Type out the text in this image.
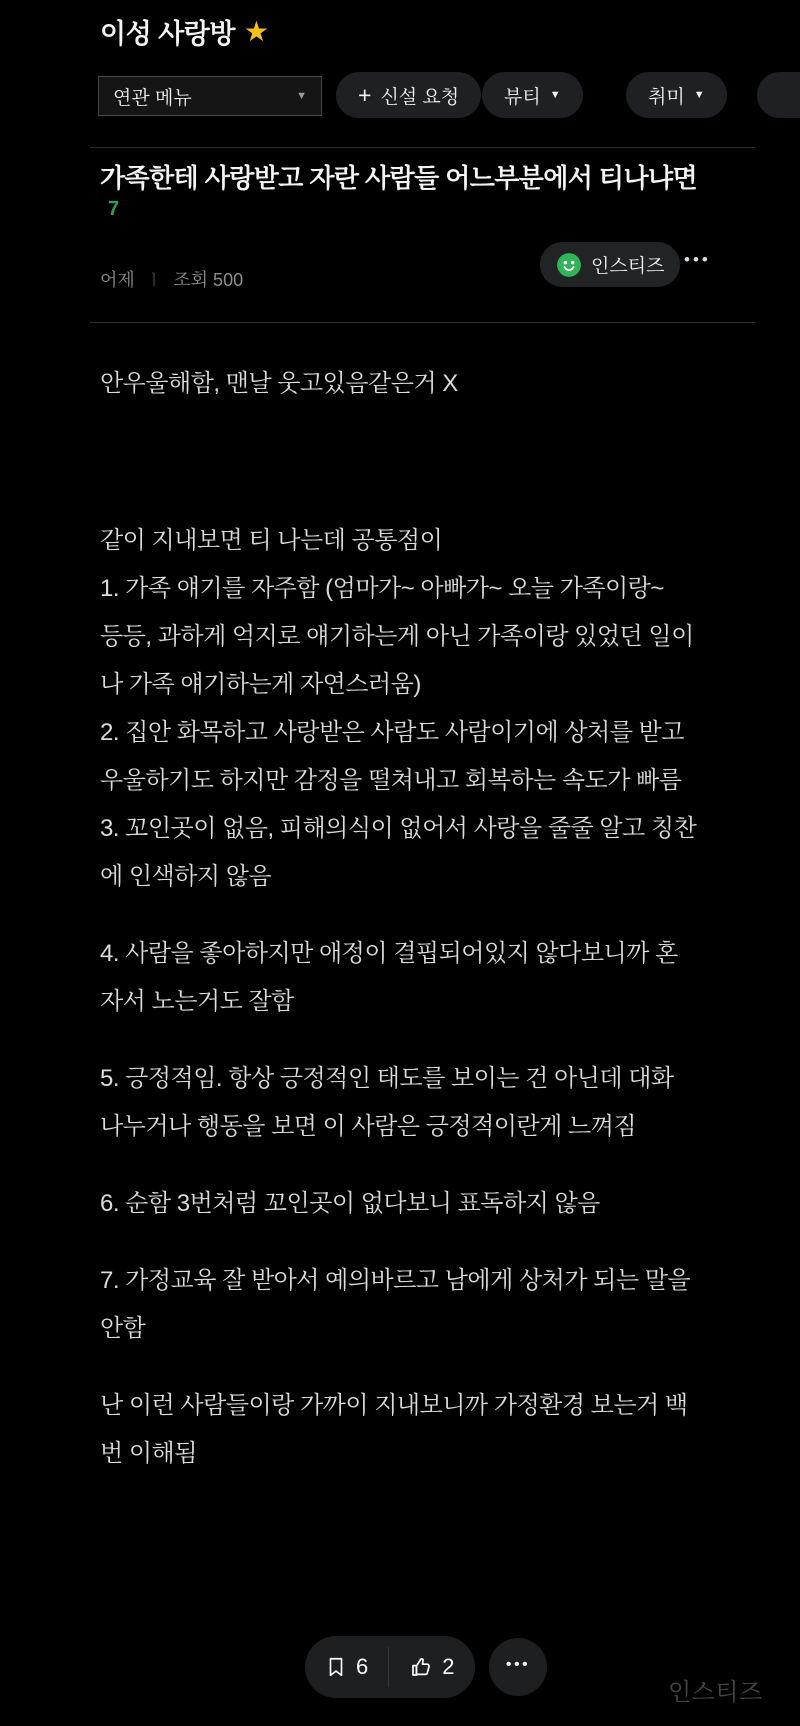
이성 사랑방 ★
연관 메뉴	▼ + 신설 요청 뷰티 ▼	취미 ▼
가족한테 사랑받고 자란 사람들 어느부분에서 티나냐면
7
어제 ㅣ 조회 500
인스티즈 •••
안우울해함, 맨날 웃고있음같은거 X
같이 지내보면 티 나는데 공통점이
1. 가족 얘기를 자주함 (엄마가~ 아빠가~ 오늘 가족이랑~
등등, 과하게 억지로 얘기하는게 아닌 가족이랑 있었던 일이
나 가족 얘기하는게 자연스러움)
2. 집안 화목하고 사랑받은 사람도 사람이기에 상처를 받고
우울하기도 하지만 감정을 떨쳐내고 회복하는 속도가 빠름
3. 꼬인곳이 없음, 피해의식이 없어서 사랑을 줄줄 알고 칭찬
에 인색하지 않음
4. 사람을 좋아하지만 애정이 결핍되어있지 않다보니까 혼
자서 노는거도 잘함
5. 긍정적임. 항상 긍정적인 태도를 보이는 건 아닌데 대화
나누거나 행동을 보면 이 사람은 긍정적이란게 느껴짐
6. 순함 3번처럼 꼬인곳이 없다보니 표독하지 않음
7. 가정교육 잘 받아서 예의바르고 남에게 상처가 되는 말을
안함
난 이런 사람들이랑 가까이 지내보니까 가정환경 보는거 백
번 이해됨
6	2	•••
인스티즈
